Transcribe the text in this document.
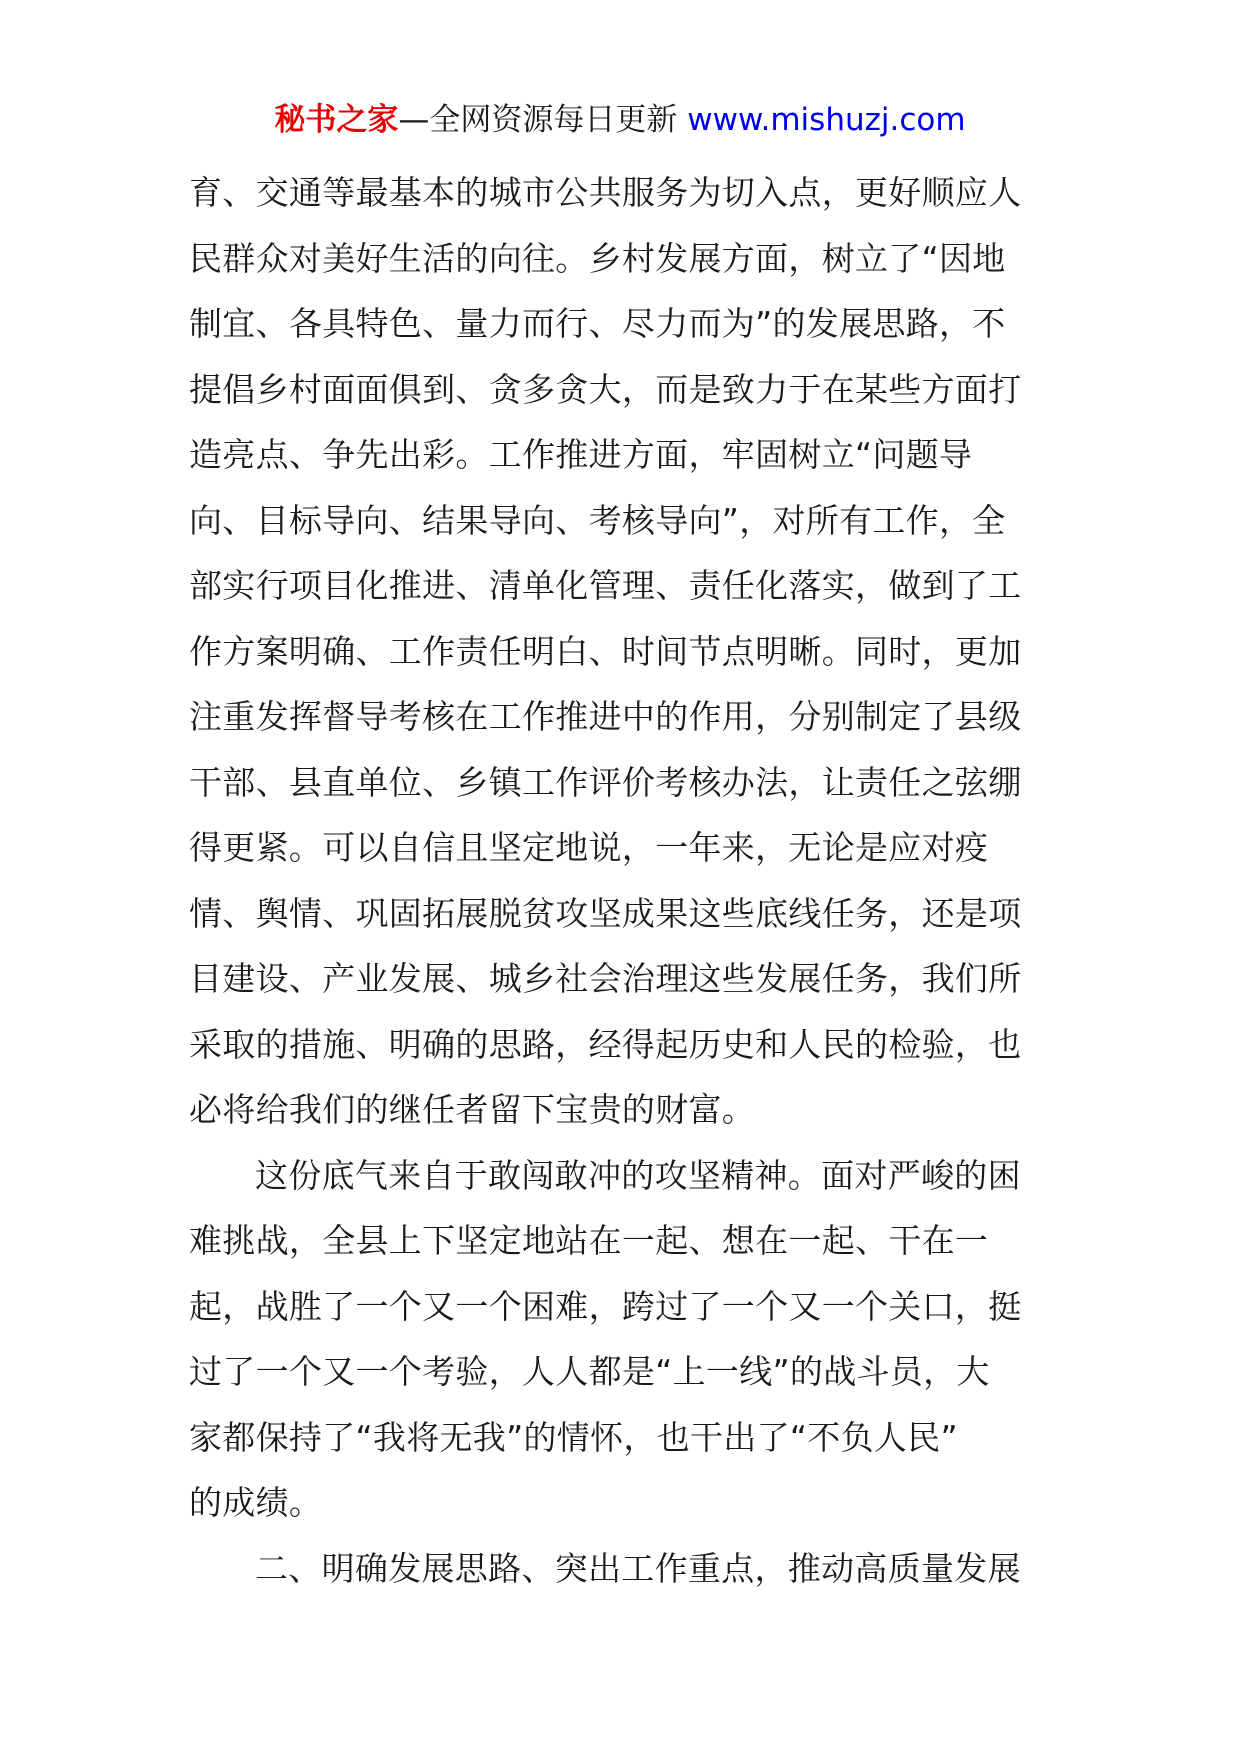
秘书之家—全网资源每日更新 www.mishuzj.com
育、交通等最基本的城市公共服务为切入点，更好顺应人
民群众对美好生活的向往。乡村发展方面，树立了“因地
制宜、各具特色、量力而行、尽力而为”的发展思路，不
提倡乡村面面俱到、贪多贪大，而是致力于在某些方面打
造亮点、争先出彩。工作推进方面，牢固树立“问题导
向、目标导向、结果导向、考核导向”，对所有工作，全
部实行项目化推进、清单化管理、责任化落实，做到了工
作方案明确、工作责任明白、时间节点明晰。同时，更加
注重发挥督导考核在工作推进中的作用，分别制定了县级
干部、县直单位、乡镇工作评价考核办法，让责任之弦绷
得更紧。可以自信且坚定地说，一年来，无论是应对疫
情、舆情、巩固拓展脱贫攻坚成果这些底线任务，还是项
目建设、产业发展、城乡社会治理这些发展任务，我们所
采取的措施、明确的思路，经得起历史和人民的检验，也
必将给我们的继任者留下宝贵的财富。
这份底气来自于敢闯敢冲的攻坚精神。面对严峻的困
难挑战，全县上下坚定地站在一起、想在一起、干在一
起，战胜了一个又一个困难，跨过了一个又一个关口，挺
过了一个又一个考验，人人都是“上一线”的战斗员，大
家都保持了“我将无我”的情怀，也干出了“不负人民”
的成绩。
二、明确发展思路、突出工作重点，推动高质量发展
